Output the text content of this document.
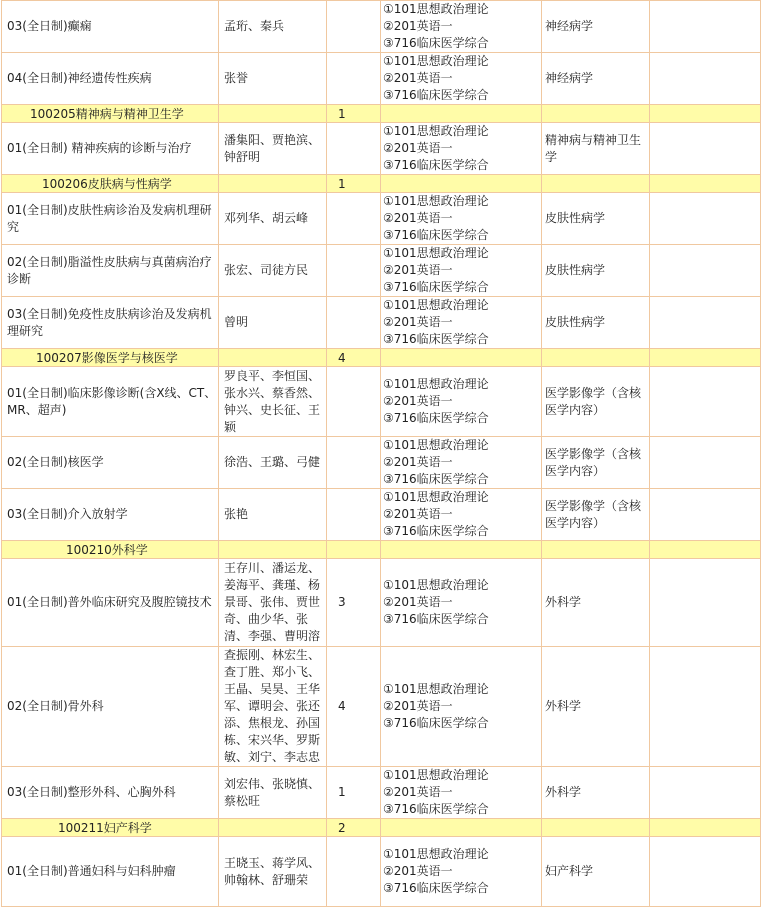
03(全日制)癫痫	孟珩、秦兵		①101思想政治理论
②201英语一
③716临床医学综合	神经病学	
04(全日制)神经遗传性疾病	张誉		①101思想政治理论
②201英语一
③716临床医学综合	神经病学	
100205精神病与精神卫生学		1			
01(全日制) 精神疾病的诊断与治疗	潘集阳、贾艳滨、钟舒明		①101思想政治理论
②201英语一
③716临床医学综合	精神病与精神卫生学	
100206皮肤病与性病学		1			
01(全日制)皮肤性病诊治及发病机理研究	邓列华、胡云峰		①101思想政治理论
②201英语一
③716临床医学综合	皮肤性病学	
02(全日制)脂溢性皮肤病与真菌病治疗诊断	张宏、司徒方民		①101思想政治理论
②201英语一
③716临床医学综合	皮肤性病学	
03(全日制)免疫性皮肤病诊治及发病机理研究	曾明		①101思想政治理论
②201英语一
③716临床医学综合	皮肤性病学	
100207影像医学与核医学		4			
01(全日制)临床影像诊断(含X线、CT、MR、超声)	罗良平、李恒国、张水兴、蔡香然、钟兴、史长征、王颖		①101思想政治理论
②201英语一
③716临床医学综合	医学影像学（含核医学内容）	
02(全日制)核医学	徐浩、王璐、弓健		①101思想政治理论
②201英语一
③716临床医学综合	医学影像学（含核医学内容）	
03(全日制)介入放射学	张艳		①101思想政治理论
②201英语一
③716临床医学综合	医学影像学（含核医学内容）	
100210外科学					
01(全日制)普外临床研究及腹腔镜技术	王存川、潘运龙、姜海平、龚瑾、杨景哥、张伟、贾世奇、曲少华、张清、李强、曹明溶	3	①101思想政治理论
②201英语一
③716临床医学综合	外科学	
02(全日制)骨外科	查振刚、林宏生、查丁胜、郑小飞、王晶、吴昊、王华军、谭明会、张还添、焦根龙、孙国栋、宋兴华、罗斯敏、刘宁、李志忠	4	①101思想政治理论
②201英语一
③716临床医学综合	外科学	
03(全日制)整形外科、心胸外科	刘宏伟、张晓慎、蔡松旺	1	①101思想政治理论
②201英语一
③716临床医学综合	外科学	
100211妇产科学		2			
01(全日制)普通妇科与妇科肿瘤	王晓玉、蒋学风、帅翰林、舒珊荣		①101思想政治理论
②201英语一
③716临床医学综合	妇产科学	
